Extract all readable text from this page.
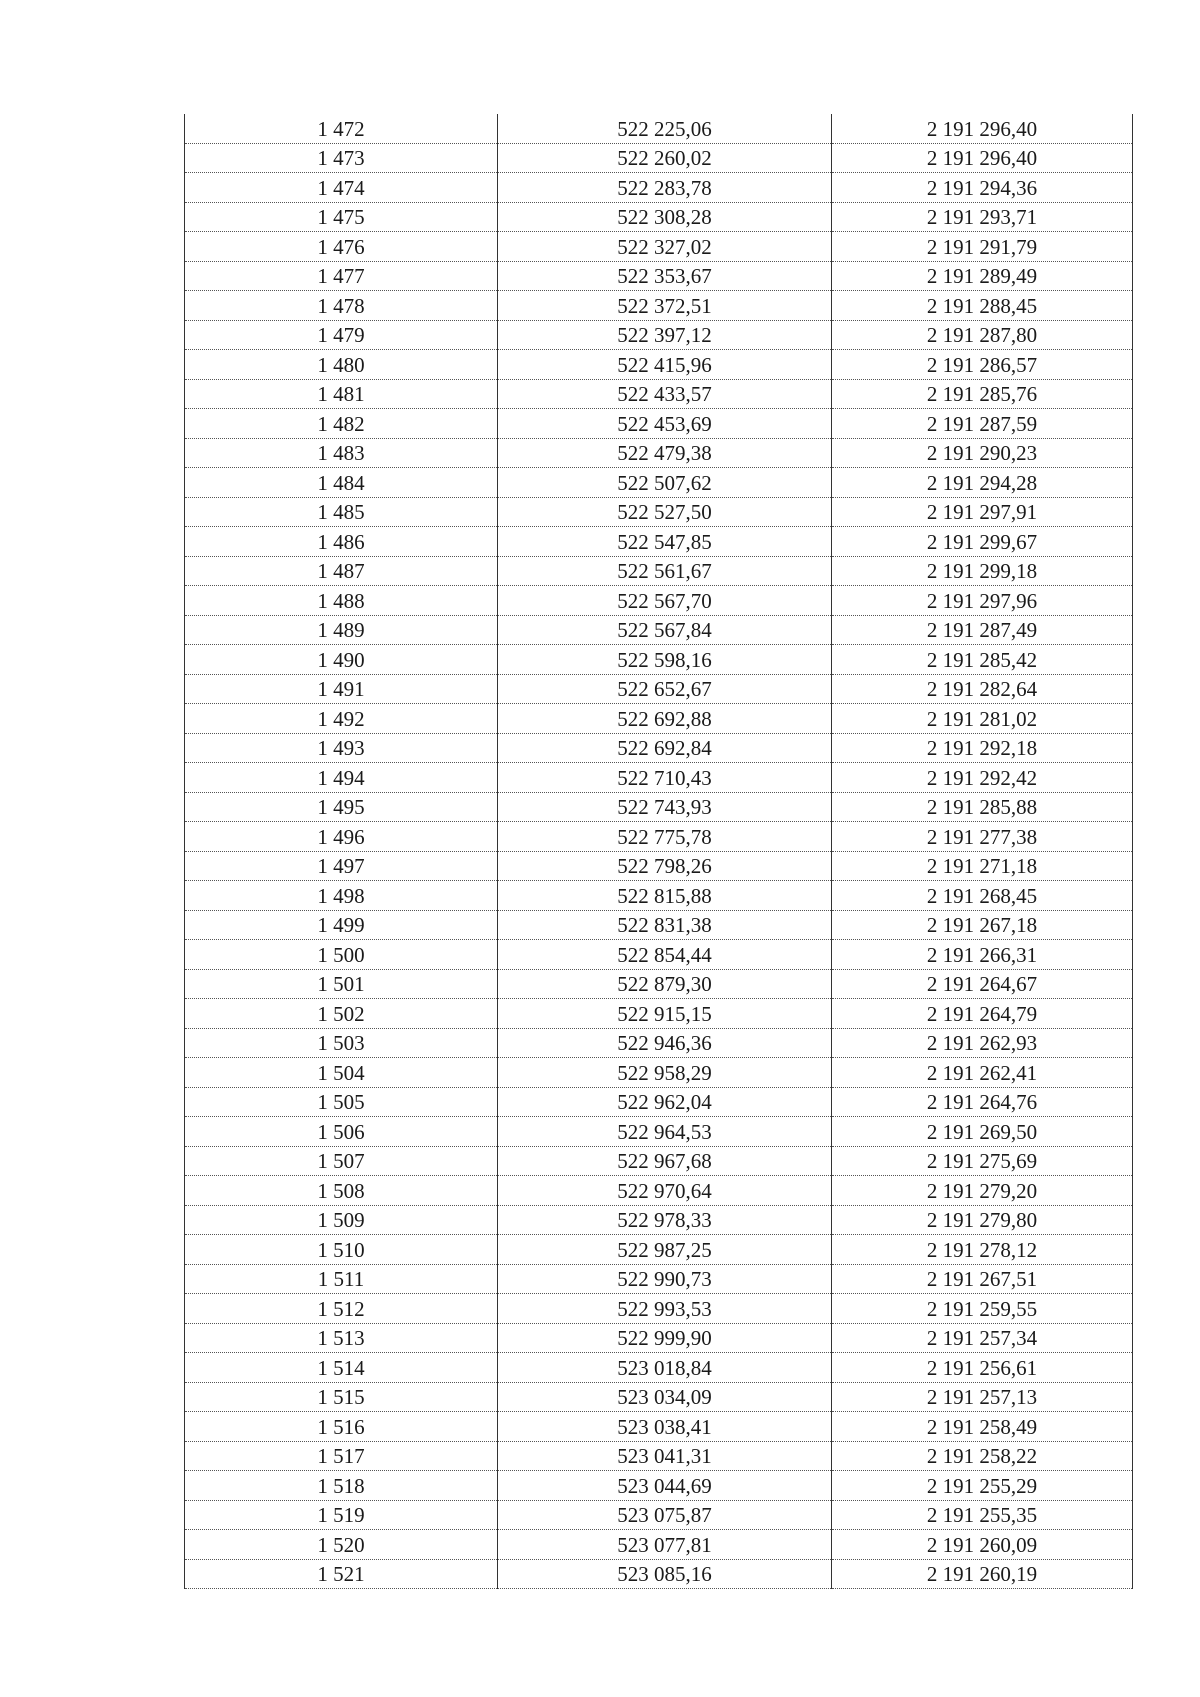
1 472	522 225,06	2 191 296,40
1 473	522 260,02	2 191 296,40
1 474	522 283,78	2 191 294,36
1 475	522 308,28	2 191 293,71
1 476	522 327,02	2 191 291,79
1 477	522 353,67	2 191 289,49
1 478	522 372,51	2 191 288,45
1 479	522 397,12	2 191 287,80
1 480	522 415,96	2 191 286,57
1 481	522 433,57	2 191 285,76
1 482	522 453,69	2 191 287,59
1 483	522 479,38	2 191 290,23
1 484	522 507,62	2 191 294,28
1 485	522 527,50	2 191 297,91
1 486	522 547,85	2 191 299,67
1 487	522 561,67	2 191 299,18
1 488	522 567,70	2 191 297,96
1 489	522 567,84	2 191 287,49
1 490	522 598,16	2 191 285,42
1 491	522 652,67	2 191 282,64
1 492	522 692,88	2 191 281,02
1 493	522 692,84	2 191 292,18
1 494	522 710,43	2 191 292,42
1 495	522 743,93	2 191 285,88
1 496	522 775,78	2 191 277,38
1 497	522 798,26	2 191 271,18
1 498	522 815,88	2 191 268,45
1 499	522 831,38	2 191 267,18
1 500	522 854,44	2 191 266,31
1 501	522 879,30	2 191 264,67
1 502	522 915,15	2 191 264,79
1 503	522 946,36	2 191 262,93
1 504	522 958,29	2 191 262,41
1 505	522 962,04	2 191 264,76
1 506	522 964,53	2 191 269,50
1 507	522 967,68	2 191 275,69
1 508	522 970,64	2 191 279,20
1 509	522 978,33	2 191 279,80
1 510	522 987,25	2 191 278,12
1 511	522 990,73	2 191 267,51
1 512	522 993,53	2 191 259,55
1 513	522 999,90	2 191 257,34
1 514	523 018,84	2 191 256,61
1 515	523 034,09	2 191 257,13
1 516	523 038,41	2 191 258,49
1 517	523 041,31	2 191 258,22
1 518	523 044,69	2 191 255,29
1 519	523 075,87	2 191 255,35
1 520	523 077,81	2 191 260,09
1 521	523 085,16	2 191 260,19
